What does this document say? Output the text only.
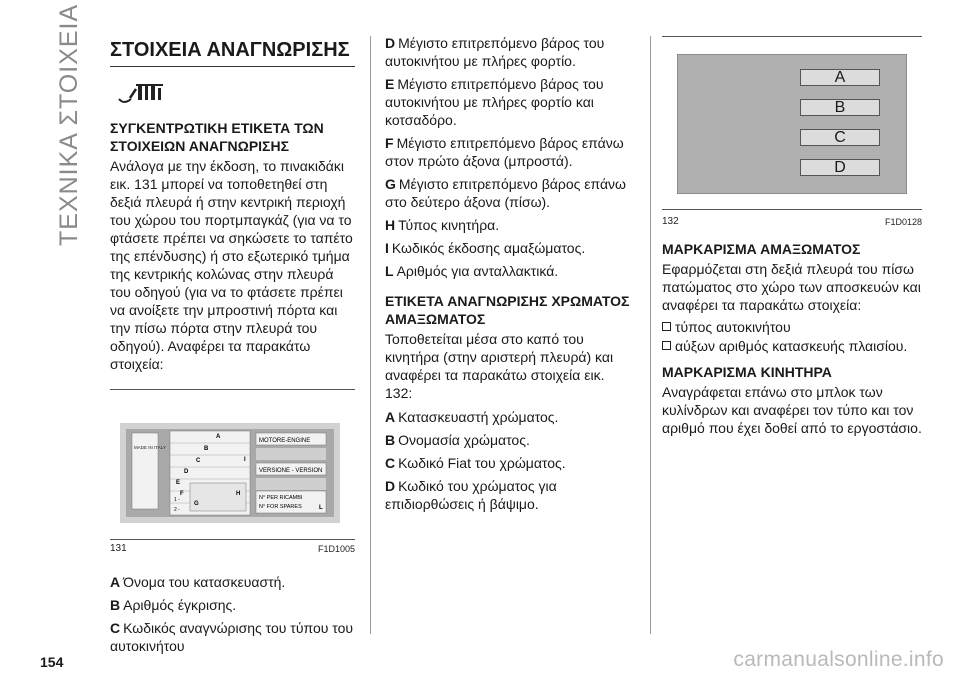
ΤΕΧΝΙΚΑ ΣΤΟΙΧΕΙΑ ΣΤΟΙΧΕΙΑ ΑΝΑΓΝΩΡΙΣΗΣ
ΣΥΓΚΕΝΤΡΩΤΙΚΗ ΕΤΙΚΕΤΑ ΤΩΝ ΣΤΟΙΧΕΙΩΝ ΑΝΑΓΝΩΡΙΣΗΣ

Ανάλογα με την έκδοση, το πινακιδάκι εικ. 131 μπορεί να τοποθετηθεί στη δεξιά πλευρά ή στην κεντρική περιοχή του χώρου του πορτμπαγκάζ (για να το φτάσετε πρέπει να σηκώσετε το ταπέτο της επένδυσης) ή στο εξωτερικό τμήμα της κεντρικής κολώνας στην πλευρά του οδηγού (για να το φτάσετε πρέπει να ανοίξετε την μπροστινή πόρτα και την πίσω πόρτα στην πλευρά του οδηγού). Αναφέρει τα παρακάτω στοιχεία:

MADE IN ITALY
A
B
C
D
E
F
1 -
2 -
G
H
I
MOTORE-ENGINE
VERSIONE - VERSION
N° PER RICAMBI
N° FOR SPARES	L
131	F1D1005
A Όνομα του κατασκευαστή.
B Αριθμός έγκρισης.
C Κωδικός αναγνώρισης του τύπου του αυτοκινήτου
D Μέγιστο επιτρεπόμενο βάρος του αυτοκινήτου με πλήρες φορτίο.
E Μέγιστο επιτρεπόμενο βάρος του αυτοκινήτου με πλήρες φορτίο και κοτσαδόρο.
F Μέγιστο επιτρεπόμενο βάρος επάνω στον πρώτο άξονα (μπροστά).
G Μέγιστο επιτρεπόμενο βάρος επάνω στο δεύτερο άξονα (πίσω).
H Τύπος κινητήρα.
I Κωδικός έκδοσης αμαξώματος.
L Αριθμός για ανταλλακτικά.
ΕΤΙΚΕΤΑ ΑΝΑΓΝΩΡΙΣΗΣ ΧΡΩΜΑΤΟΣ ΑΜΑΞΩΜΑΤΟΣ

Τοποθετείται μέσα στο καπό του κινητήρα (στην αριστερή πλευρά) και αναφέρει τα παρακάτω στοιχεία εικ. 132:

A Κατασκευαστή χρώματος.
B Ονομασία χρώματος.
C Κωδικό Fiat του χρώματος.
D Κωδικό του χρώματος για επιδιορθώσεις ή βάψιμο.
A
B
C
D
132	F1D0128
ΜΑΡΚΑΡΙΣΜΑ ΑΜΑΞΩΜΑΤΟΣ

Εφαρμόζεται στη δεξιά πλευρά του πίσω πατώματος στο χώρο των αποσκευών και αναφέρει τα παρακάτω στοιχεία:

τύπος αυτοκινήτου
αύξων αριθμός κατασκευής πλαισίου.
ΜΑΡΚΑΡΙΣΜΑ ΚΙΝΗΤΗΡΑ

Αναγράφεται επάνω στο μπλοκ των κυλίνδρων και αναφέρει τον τύπο και τον αριθμό που έχει δοθεί από το εργοστάσιο.

154	carmanualsonline.info
